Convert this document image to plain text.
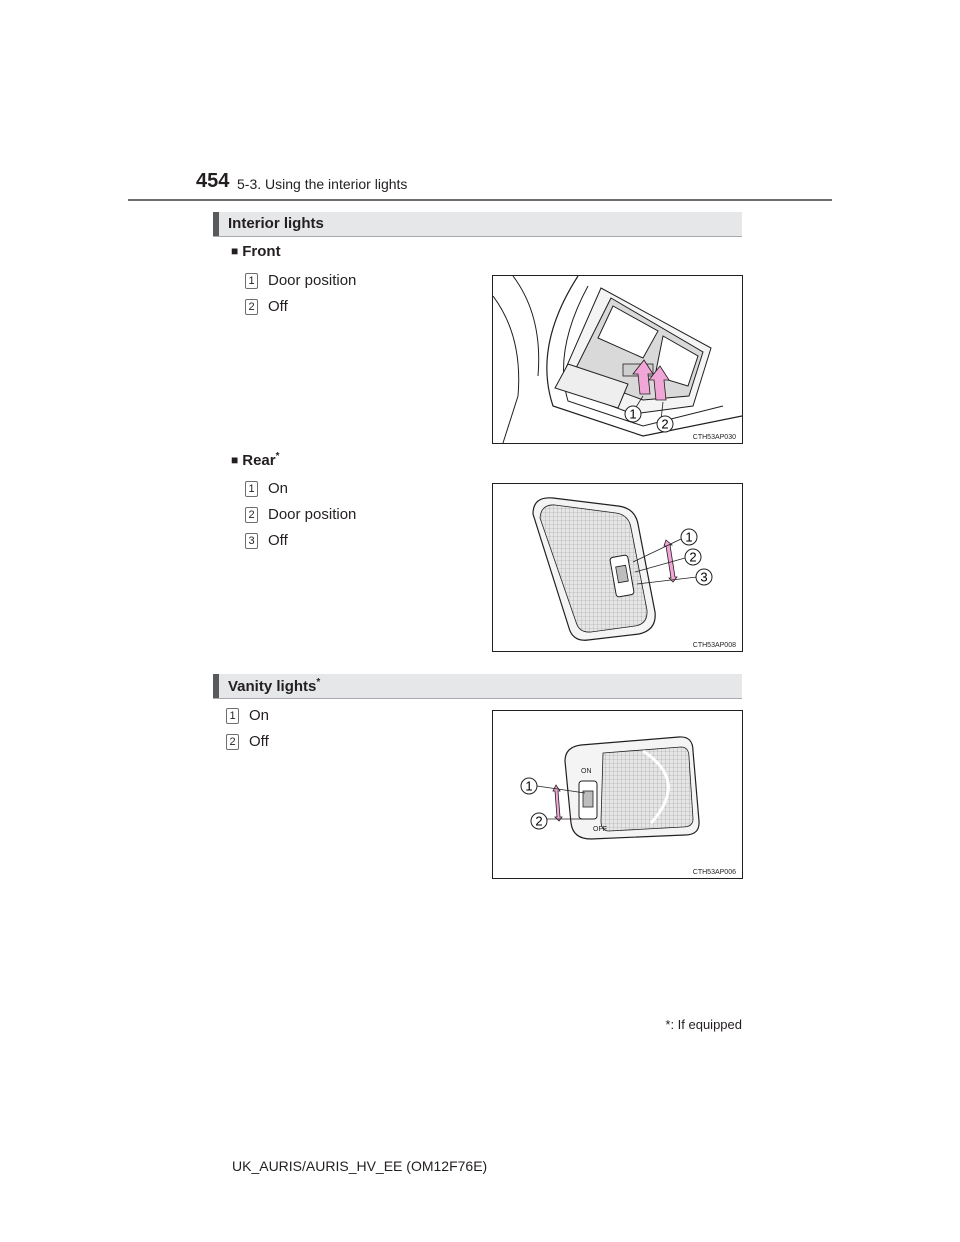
454 5-3. Using the interior lights
Interior lights
■ Front
1 Door position
2 Off
1
2
CTH53AP030
■ Rear*
1 On
2 Door position
3 Off	1
2
3
CTH53AP008
Vanity lights*
1 On
2 Off
ON
OFF
1
2
CTH53AP006
*: If equipped
UK_AURIS/AURIS_HV_EE (OM12F76E)
